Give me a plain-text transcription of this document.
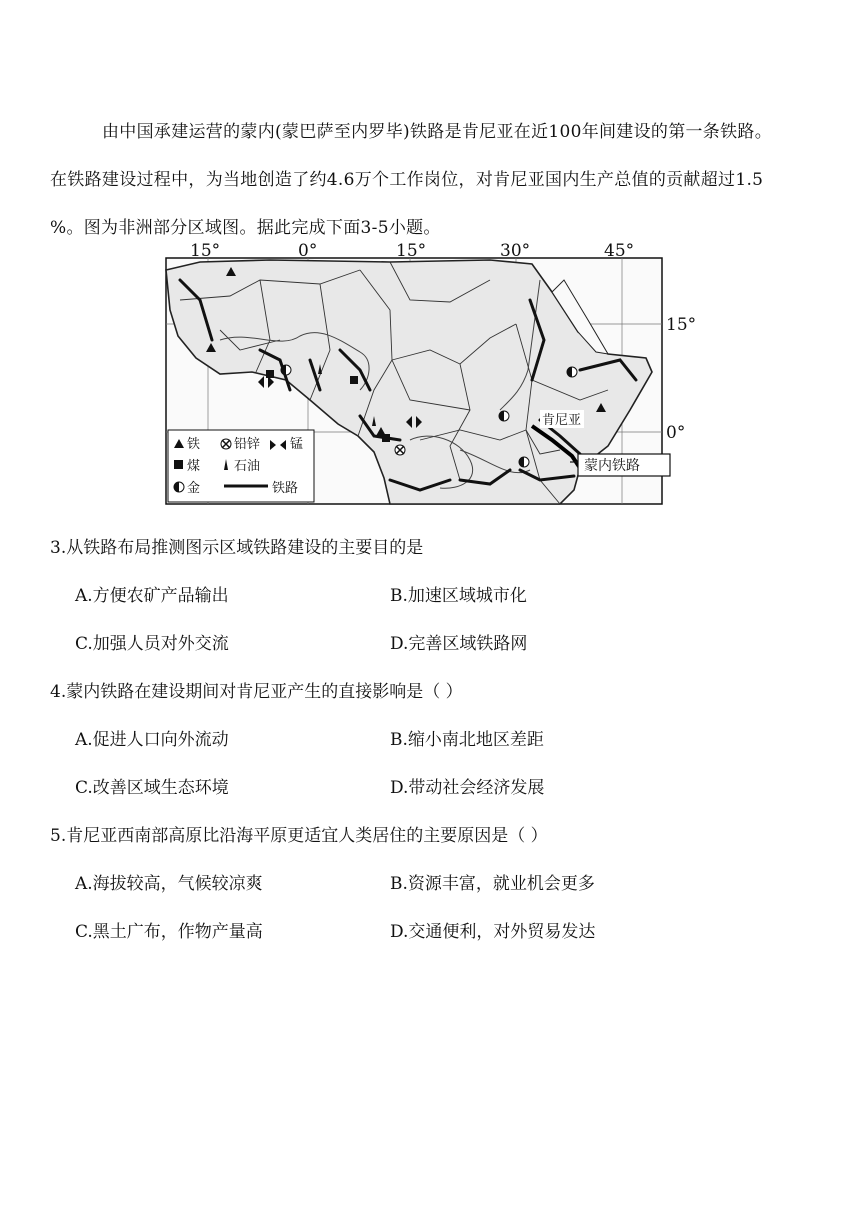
由中国承建运营的蒙内(蒙巴萨至内罗毕)铁路是肯尼亚在近100年间建设的第一条铁路。
在铁路建设过程中，为当地创造了约4.6万个工作岗位，对肯尼亚国内生产总值的贡献超过1.5
%。图为非洲部分区域图。据此完成下面3-5小题。
15°	0°	15°	30°	45°
15°
0°
肯尼亚
蒙内铁路
铁	铅锌 锰
煤	石油
金	铁路
3.从铁路布局推测图示区域铁路建设的主要目的是
A.方便农矿产品输出	B.加速区域城市化
C.加强人员对外交流	D.完善区域铁路网
4.蒙内铁路在建设期间对肯尼亚产生的直接影响是（ ）
A.促进人口向外流动	B.缩小南北地区差距
C.改善区域生态环境	D.带动社会经济发展
5.肯尼亚西南部高原比沿海平原更适宜人类居住的主要原因是（ ）
A.海拔较高，气候较凉爽	B.资源丰富，就业机会更多
C.黑土广布，作物产量高	D.交通便利，对外贸易发达
